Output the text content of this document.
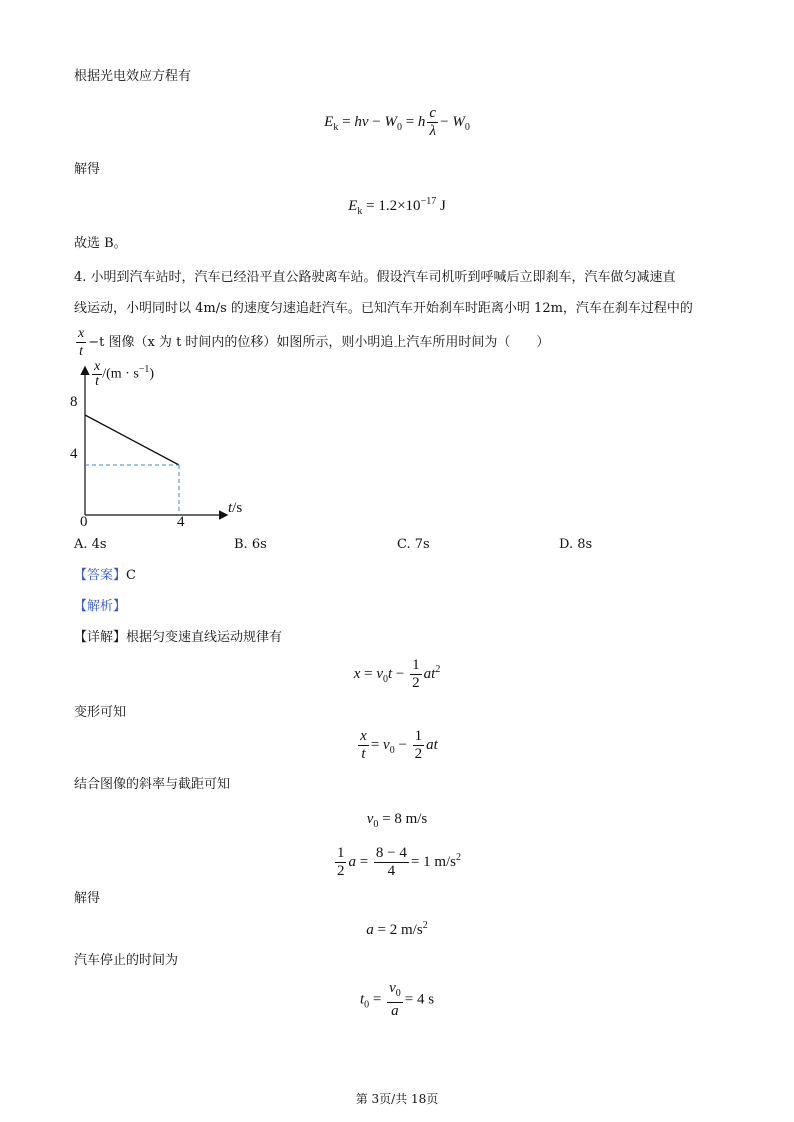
根据光电效应方程有
$E_k = h\nu - W_0 = h \frac{c}{\lambda} - W_0$
解得
$E_k = 1.2\times 10^{-17}$ J
故选 B。
4. 小明到汽车站时，汽车已经沿平直公路驶离车站。假设汽车司机听到呼喊后立即刹车，汽车做匀减速直
线运动，小明同时以 4m/s 的速度匀速追赶汽车。已知汽车开始刹车时距离小明 12m，汽车在刹车过程中的
$\frac{x}{t} -t$ 图像（x 为 t 时间内的位移）如图所示，则小明追上汽车所用时间为（　　）
$\frac{x}{t} /(m \cdot s^{-1})$
8
4
0	4
t/s
A. 4s	B. 6s	C. 7s	D. 8s
【答案】C
【解析】
【详解】根据匀变速直线运动规律有
$x = v_0t - \frac{1}{2} at^2$
变形可知
$\frac{x}{t} = v_0 - \frac{1}{2}$ at
结合图像的斜率与截距可知
$v_0 = 8$ m/s
$\frac{1}{2}$ $a = \frac{8 - 4}{4} = 1$ $m/s^2$
解得
a = 2 $m/s^2$
汽车停止的时间为
$t_0 = \frac{v_0}{a} = 4$ s
第 3页/共 18页
